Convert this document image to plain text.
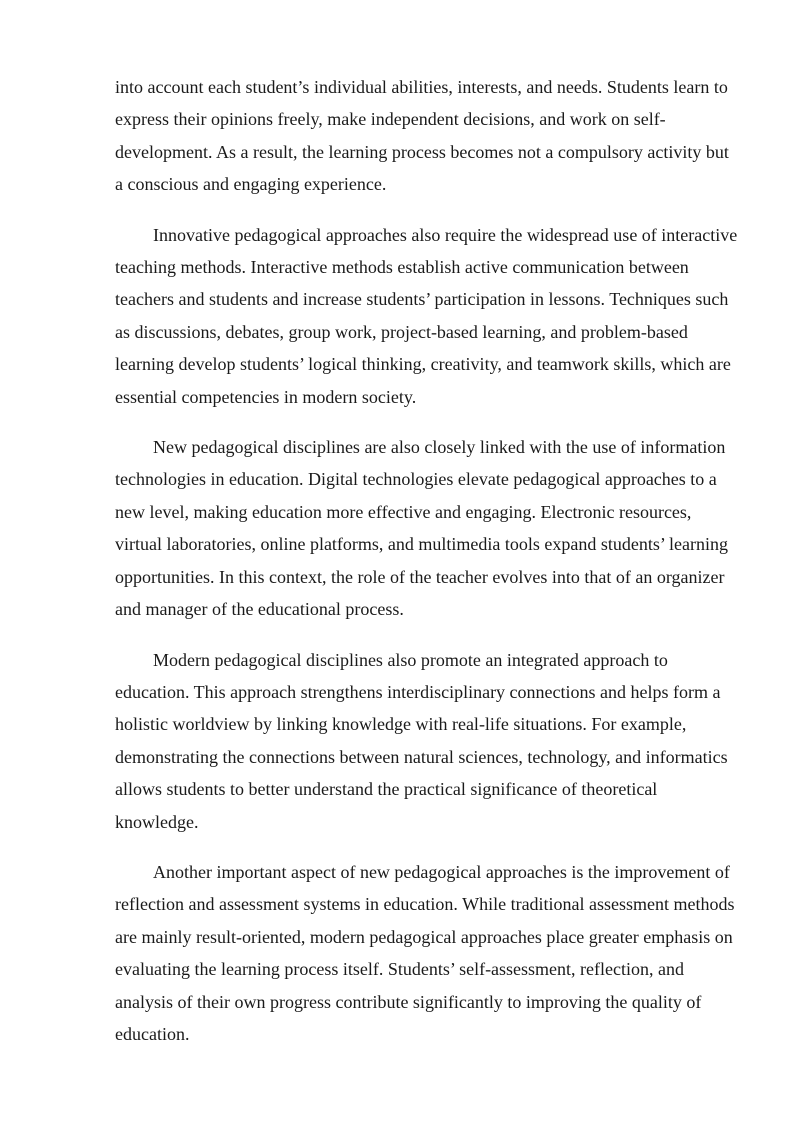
into account each student’s individual abilities, interests, and needs. Students learn to express their opinions freely, make independent decisions, and work on self-development. As a result, the learning process becomes not a compulsory activity but a conscious and engaging experience.

Innovative pedagogical approaches also require the widespread use of interactive teaching methods. Interactive methods establish active communication between teachers and students and increase students’ participation in lessons. Techniques such as discussions, debates, group work, project-based learning, and problem-based learning develop students’ logical thinking, creativity, and teamwork skills, which are essential competencies in modern society.

New pedagogical disciplines are also closely linked with the use of information technologies in education. Digital technologies elevate pedagogical approaches to a new level, making education more effective and engaging. Electronic resources, virtual laboratories, online platforms, and multimedia tools expand students’ learning opportunities. In this context, the role of the teacher evolves into that of an organizer and manager of the educational process.

Modern pedagogical disciplines also promote an integrated approach to education. This approach strengthens interdisciplinary connections and helps form a holistic worldview by linking knowledge with real-life situations. For example, demonstrating the connections between natural sciences, technology, and informatics allows students to better understand the practical significance of theoretical knowledge.

Another important aspect of new pedagogical approaches is the improvement of reflection and assessment systems in education. While traditional assessment methods are mainly result-oriented, modern pedagogical approaches place greater emphasis on evaluating the learning process itself. Students’ self-assessment, reflection, and analysis of their own progress contribute significantly to improving the quality of education.
